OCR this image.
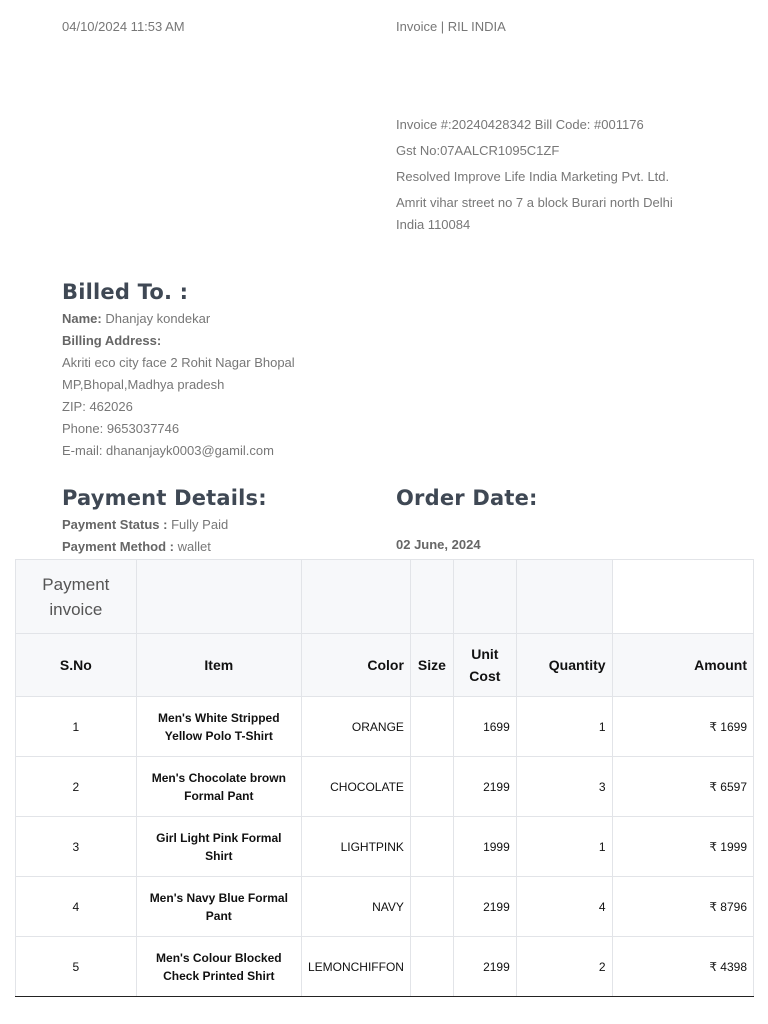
04/10/2024 11:53 AM	Invoice | RIL INDIA
Invoice #:20240428342 Bill Code: #001176
Gst No:07AALCR1095C1ZF
Resolved Improve Life India Marketing Pvt. Ltd.
Amrit vihar street no 7 a block Burari north Delhi
India 110084
Billed To. :
Name: Dhanjay kondekar
Billing Address:
Akriti eco city face 2 Rohit Nagar Bhopal
MP,Bhopal,Madhya pradesh
ZIP: 462026
Phone: 9653037746
E-mail: dhananjayk0003@gamil.com
Payment Details:
Payment Status : Fully Paid
Payment Method : wallet
Order Date:
02 June, 2024
Payment
invoice						

S.No	Item	Color	Size	Unit
Cost	Quantity	Amount
1	Men's White Stripped
Yellow Polo T-Shirt	ORANGE		1699	1	₹ 1699
2	Men's Chocolate brown
Formal Pant	CHOCOLATE		2199	3	₹ 6597
3	Girl Light Pink Formal
Shirt	LIGHTPINK		1999	1	₹ 1999
4	Men's Navy Blue Formal
Pant	NAVY		2199	4	₹ 8796
5	Men's Colour Blocked
Check Printed Shirt	LEMONCHIFFON		2199	2	₹ 4398
